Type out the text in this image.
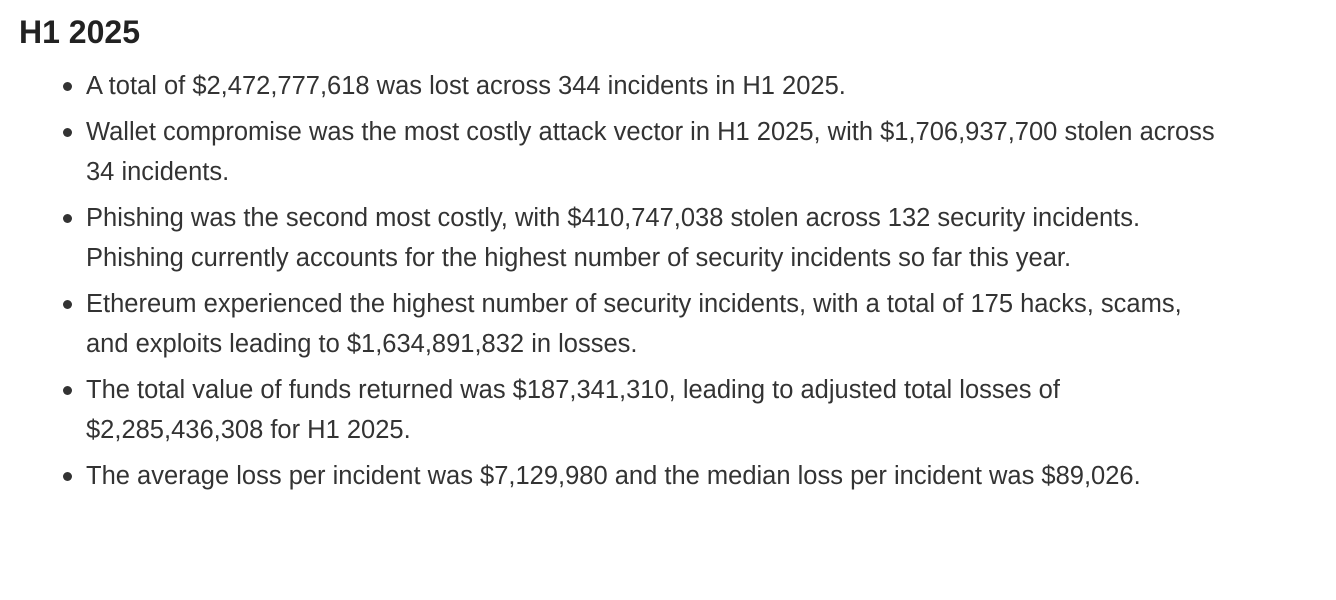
H1 2025
A total of $2,472,777,618 was lost across 344 incidents in H1 2025.
Wallet compromise was the most costly attack vector in H1 2025, with $1,706,937,700 stolen across 34 incidents.
Phishing was the second most costly, with $410,747,038 stolen across 132 security incidents. Phishing currently accounts for the highest number of security incidents so far this year.
Ethereum experienced the highest number of security incidents, with a total of 175 hacks, scams, and exploits leading to $1,634,891,832 in losses.
The total value of funds returned was $187,341,310, leading to adjusted total losses of $2,285,436,308 for H1 2025.
The average loss per incident was $7,129,980 and the median loss per incident was $89,026.
